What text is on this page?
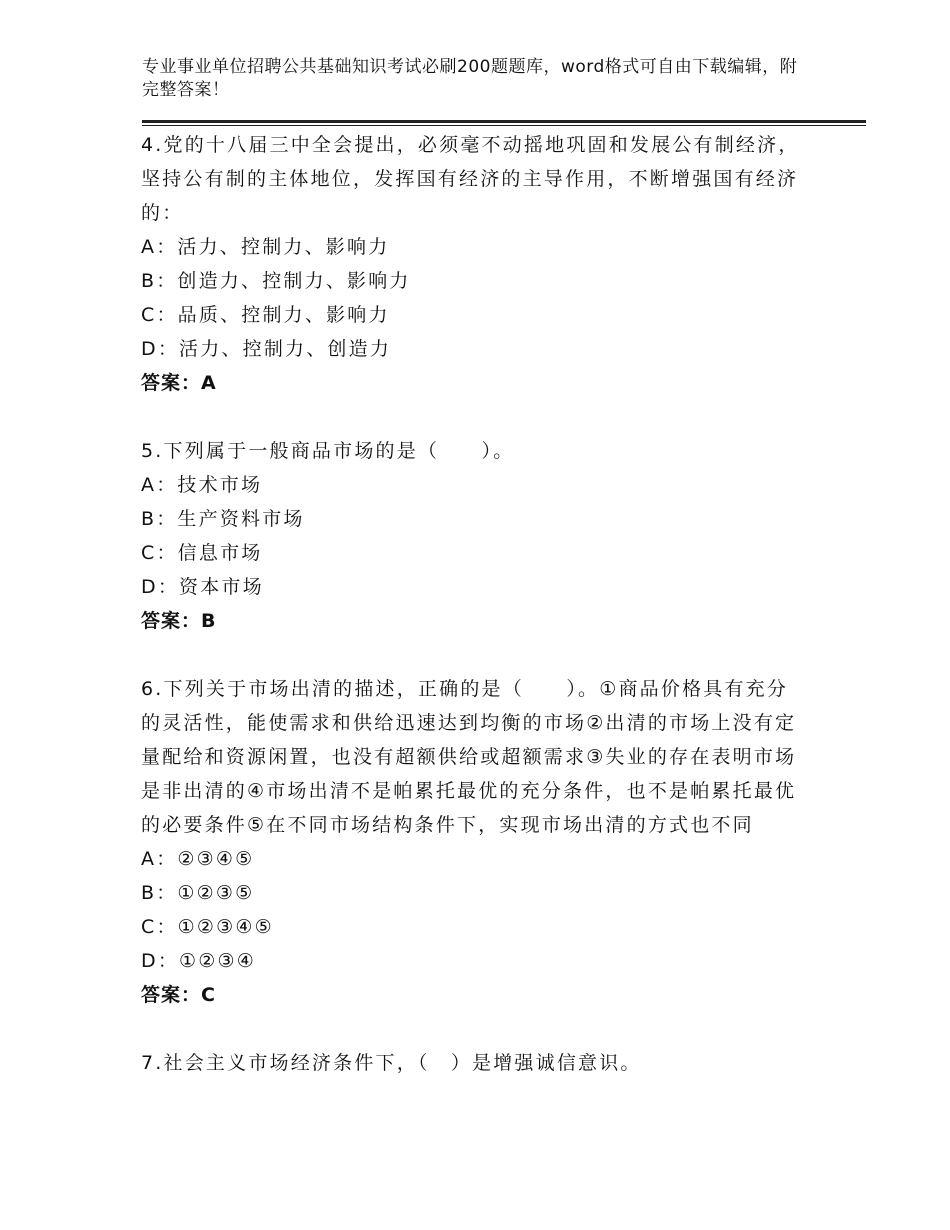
专业事业单位招聘公共基础知识考试必刷200题题库，word格式可自由下载编辑，附完整答案！

4.党的十八届三中全会提出，必须毫不动摇地巩固和发展公有制经济，坚持公有制的主体地位，发挥国有经济的主导作用，不断增强国有经济的：

A：活力、控制力、影响力

B：创造力、控制力、影响力

C：品质、控制力、影响力

D：活力、控制力、创造力

答案：A

5.下列属于一般商品市场的是（　　）。

A：技术市场

B：生产资料市场

C：信息市场

D：资本市场

答案：B

6.下列关于市场出清的描述，正确的是（　　）。①商品价格具有充分的灵活性，能使需求和供给迅速达到均衡的市场②出清的市场上没有定量配给和资源闲置，也没有超额供给或超额需求③失业的存在表明市场是非出清的④市场出清不是帕累托最优的充分条件，也不是帕累托最优的必要条件⑤在不同市场结构条件下，实现市场出清的方式也不同

A：②③④⑤

B：①②③⑤

C：①②③④⑤

D：①②③④

答案：C

7.社会主义市场经济条件下，（　）是增强诚信意识。
